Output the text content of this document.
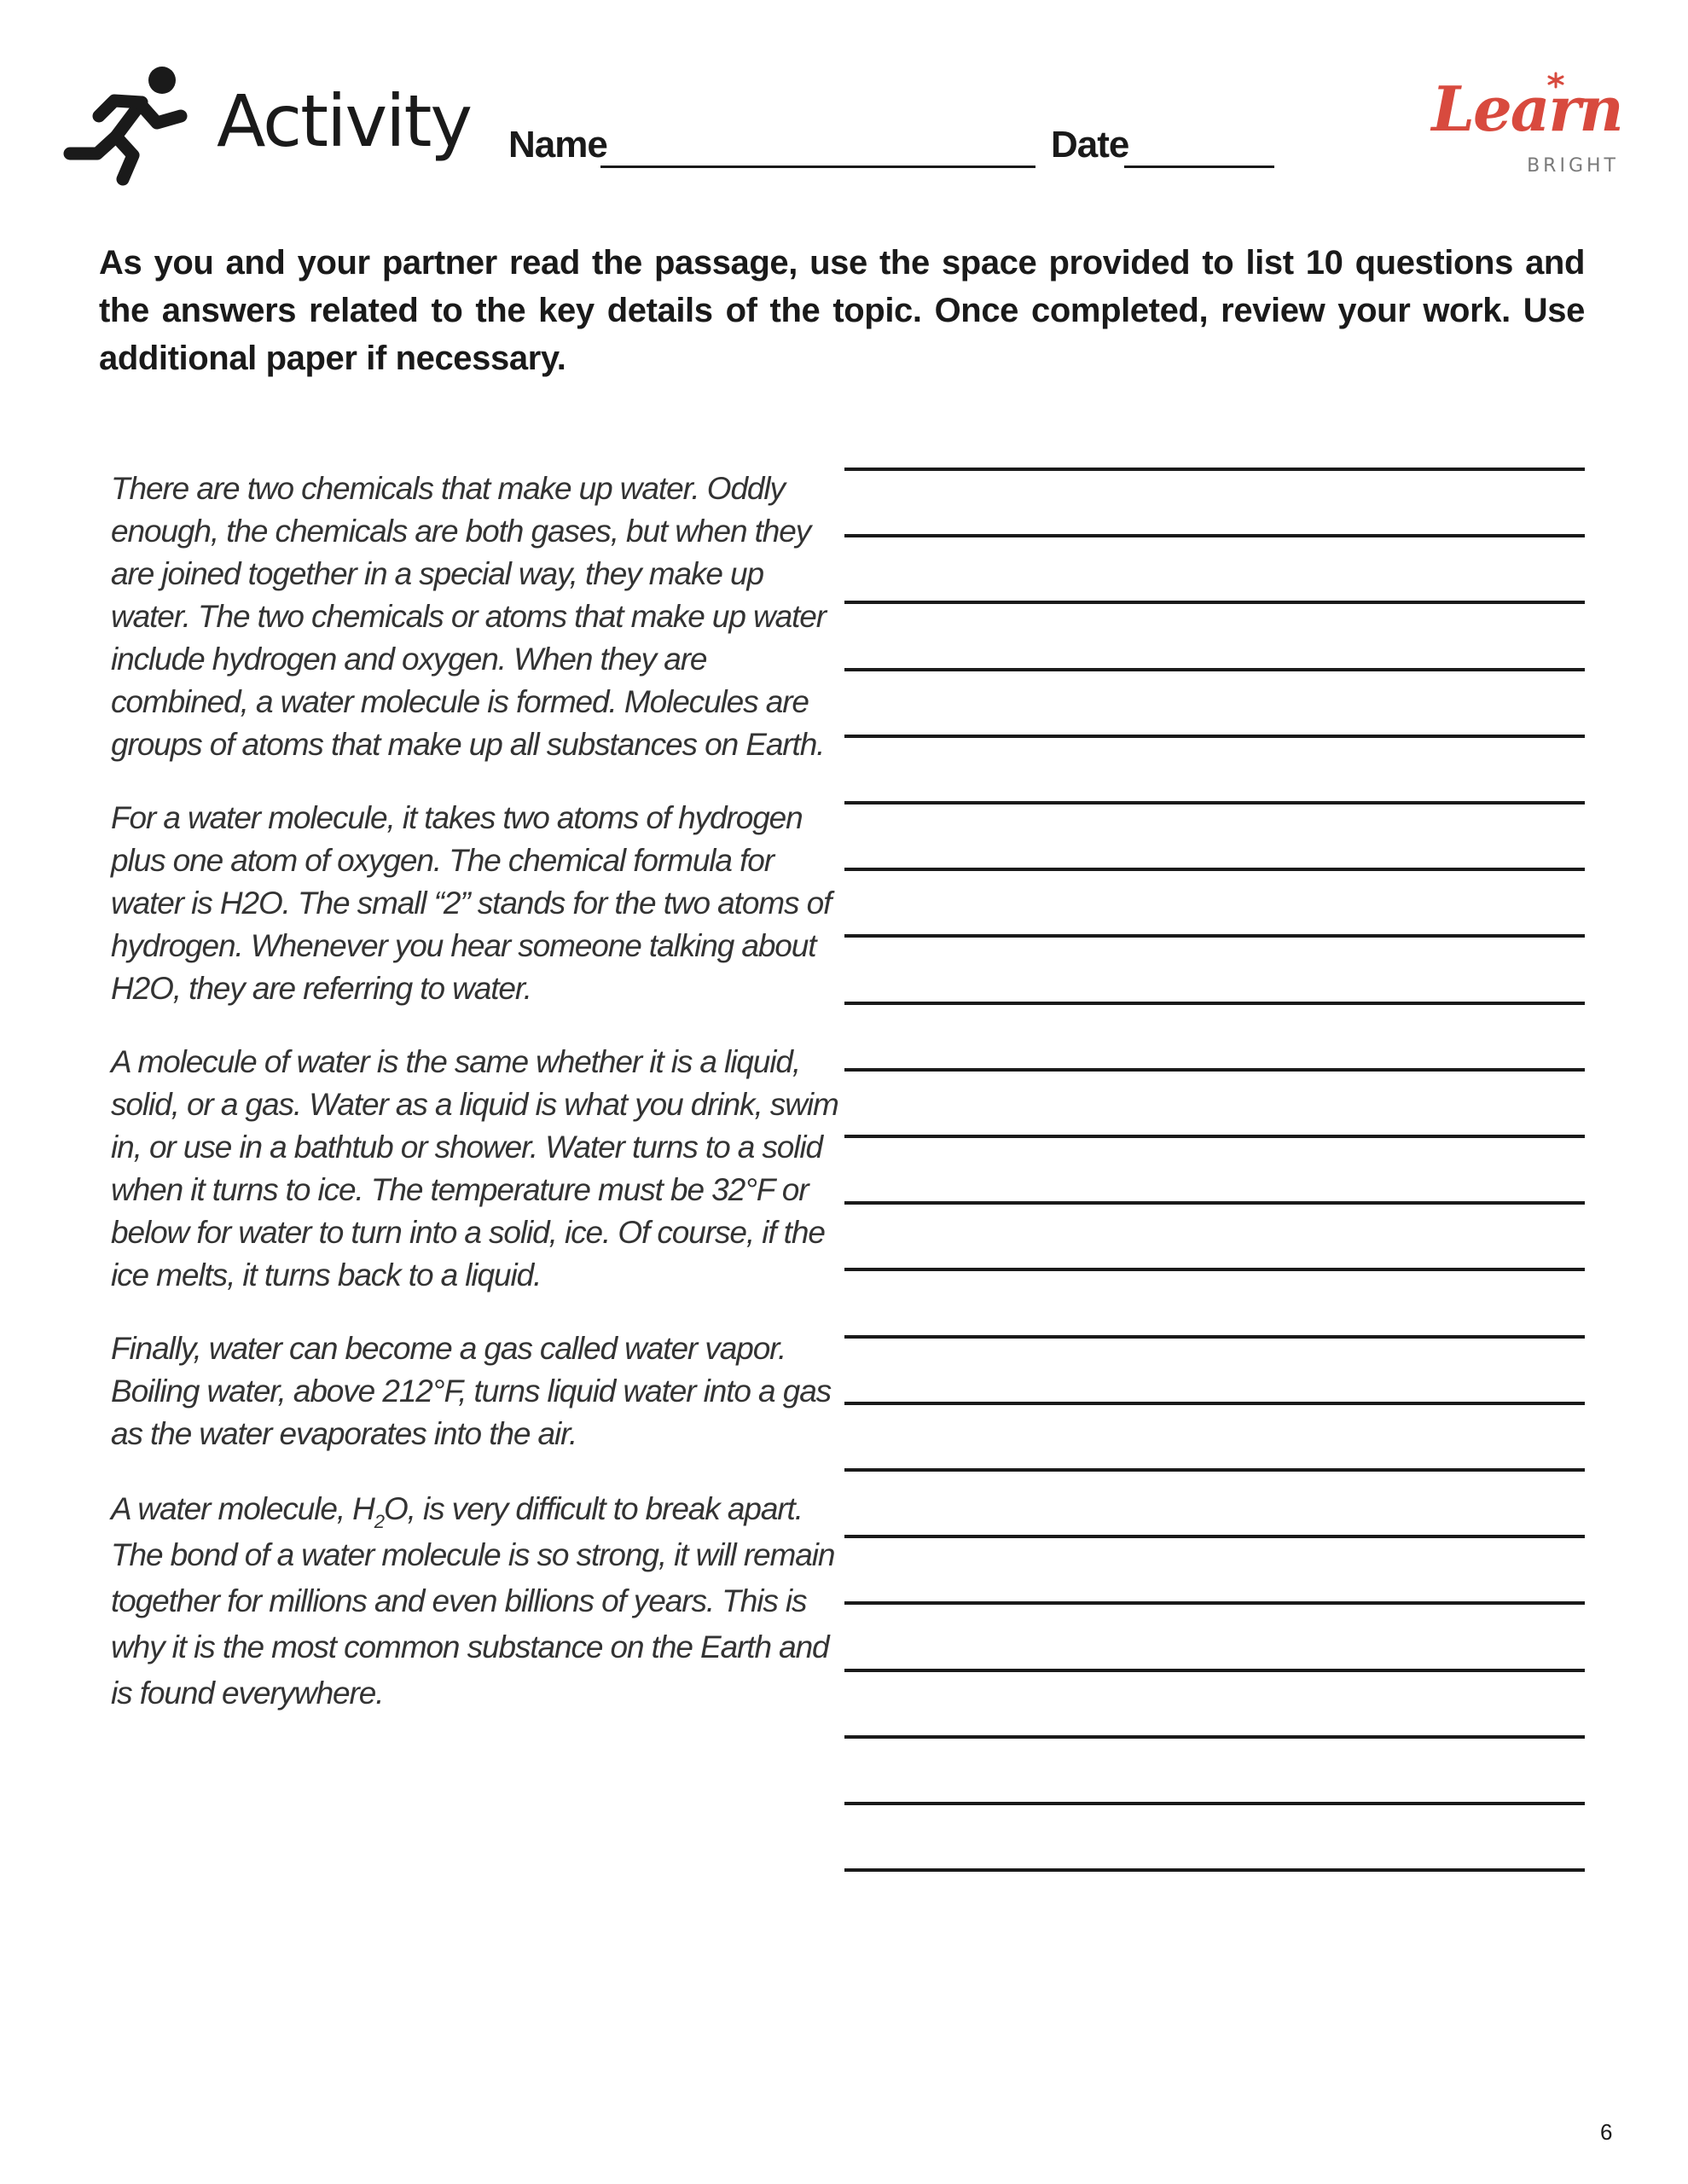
Activity Name	Date	Learn
BRIGHT

As you and your partner read the passage, use the space provided to list 10 questions and the answers related to the key details of the topic. Once completed, review your work. Use additional paper if necessary.

There are two chemicals that make up water. Oddly enough, the chemicals are both gases, but when they are joined together in a special way, they make up water. The two chemicals or atoms that make up water include hydrogen and oxygen. When they are combined, a water molecule is formed. Molecules are groups of atoms that make up all substances on Earth.

For a water molecule, it takes two atoms of hydrogen plus one atom of oxygen. The chemical formula for water is H2O. The small “2” stands for the two atoms of hydrogen. Whenever you hear someone talking about H2O, they are referring to water.

A molecule of water is the same whether it is a liquid, solid, or a gas. Water as a liquid is what you drink, swim in, or use in a bathtub or shower. Water turns to a solid when it turns to ice. The temperature must be 32°F or below for water to turn into a solid, ice. Of course, if the ice melts, it turns back to a liquid.

Finally, water can become a gas called water vapor. Boiling water, above 212°F, turns liquid water into a gas as the water evaporates into the air.

A water molecule, $H_2O$, is very difficult to break apart. The bond of a water molecule is so strong, it will remain together for millions and even billions of years. This is why it is the most common substance on the Earth and is found everywhere.

6
